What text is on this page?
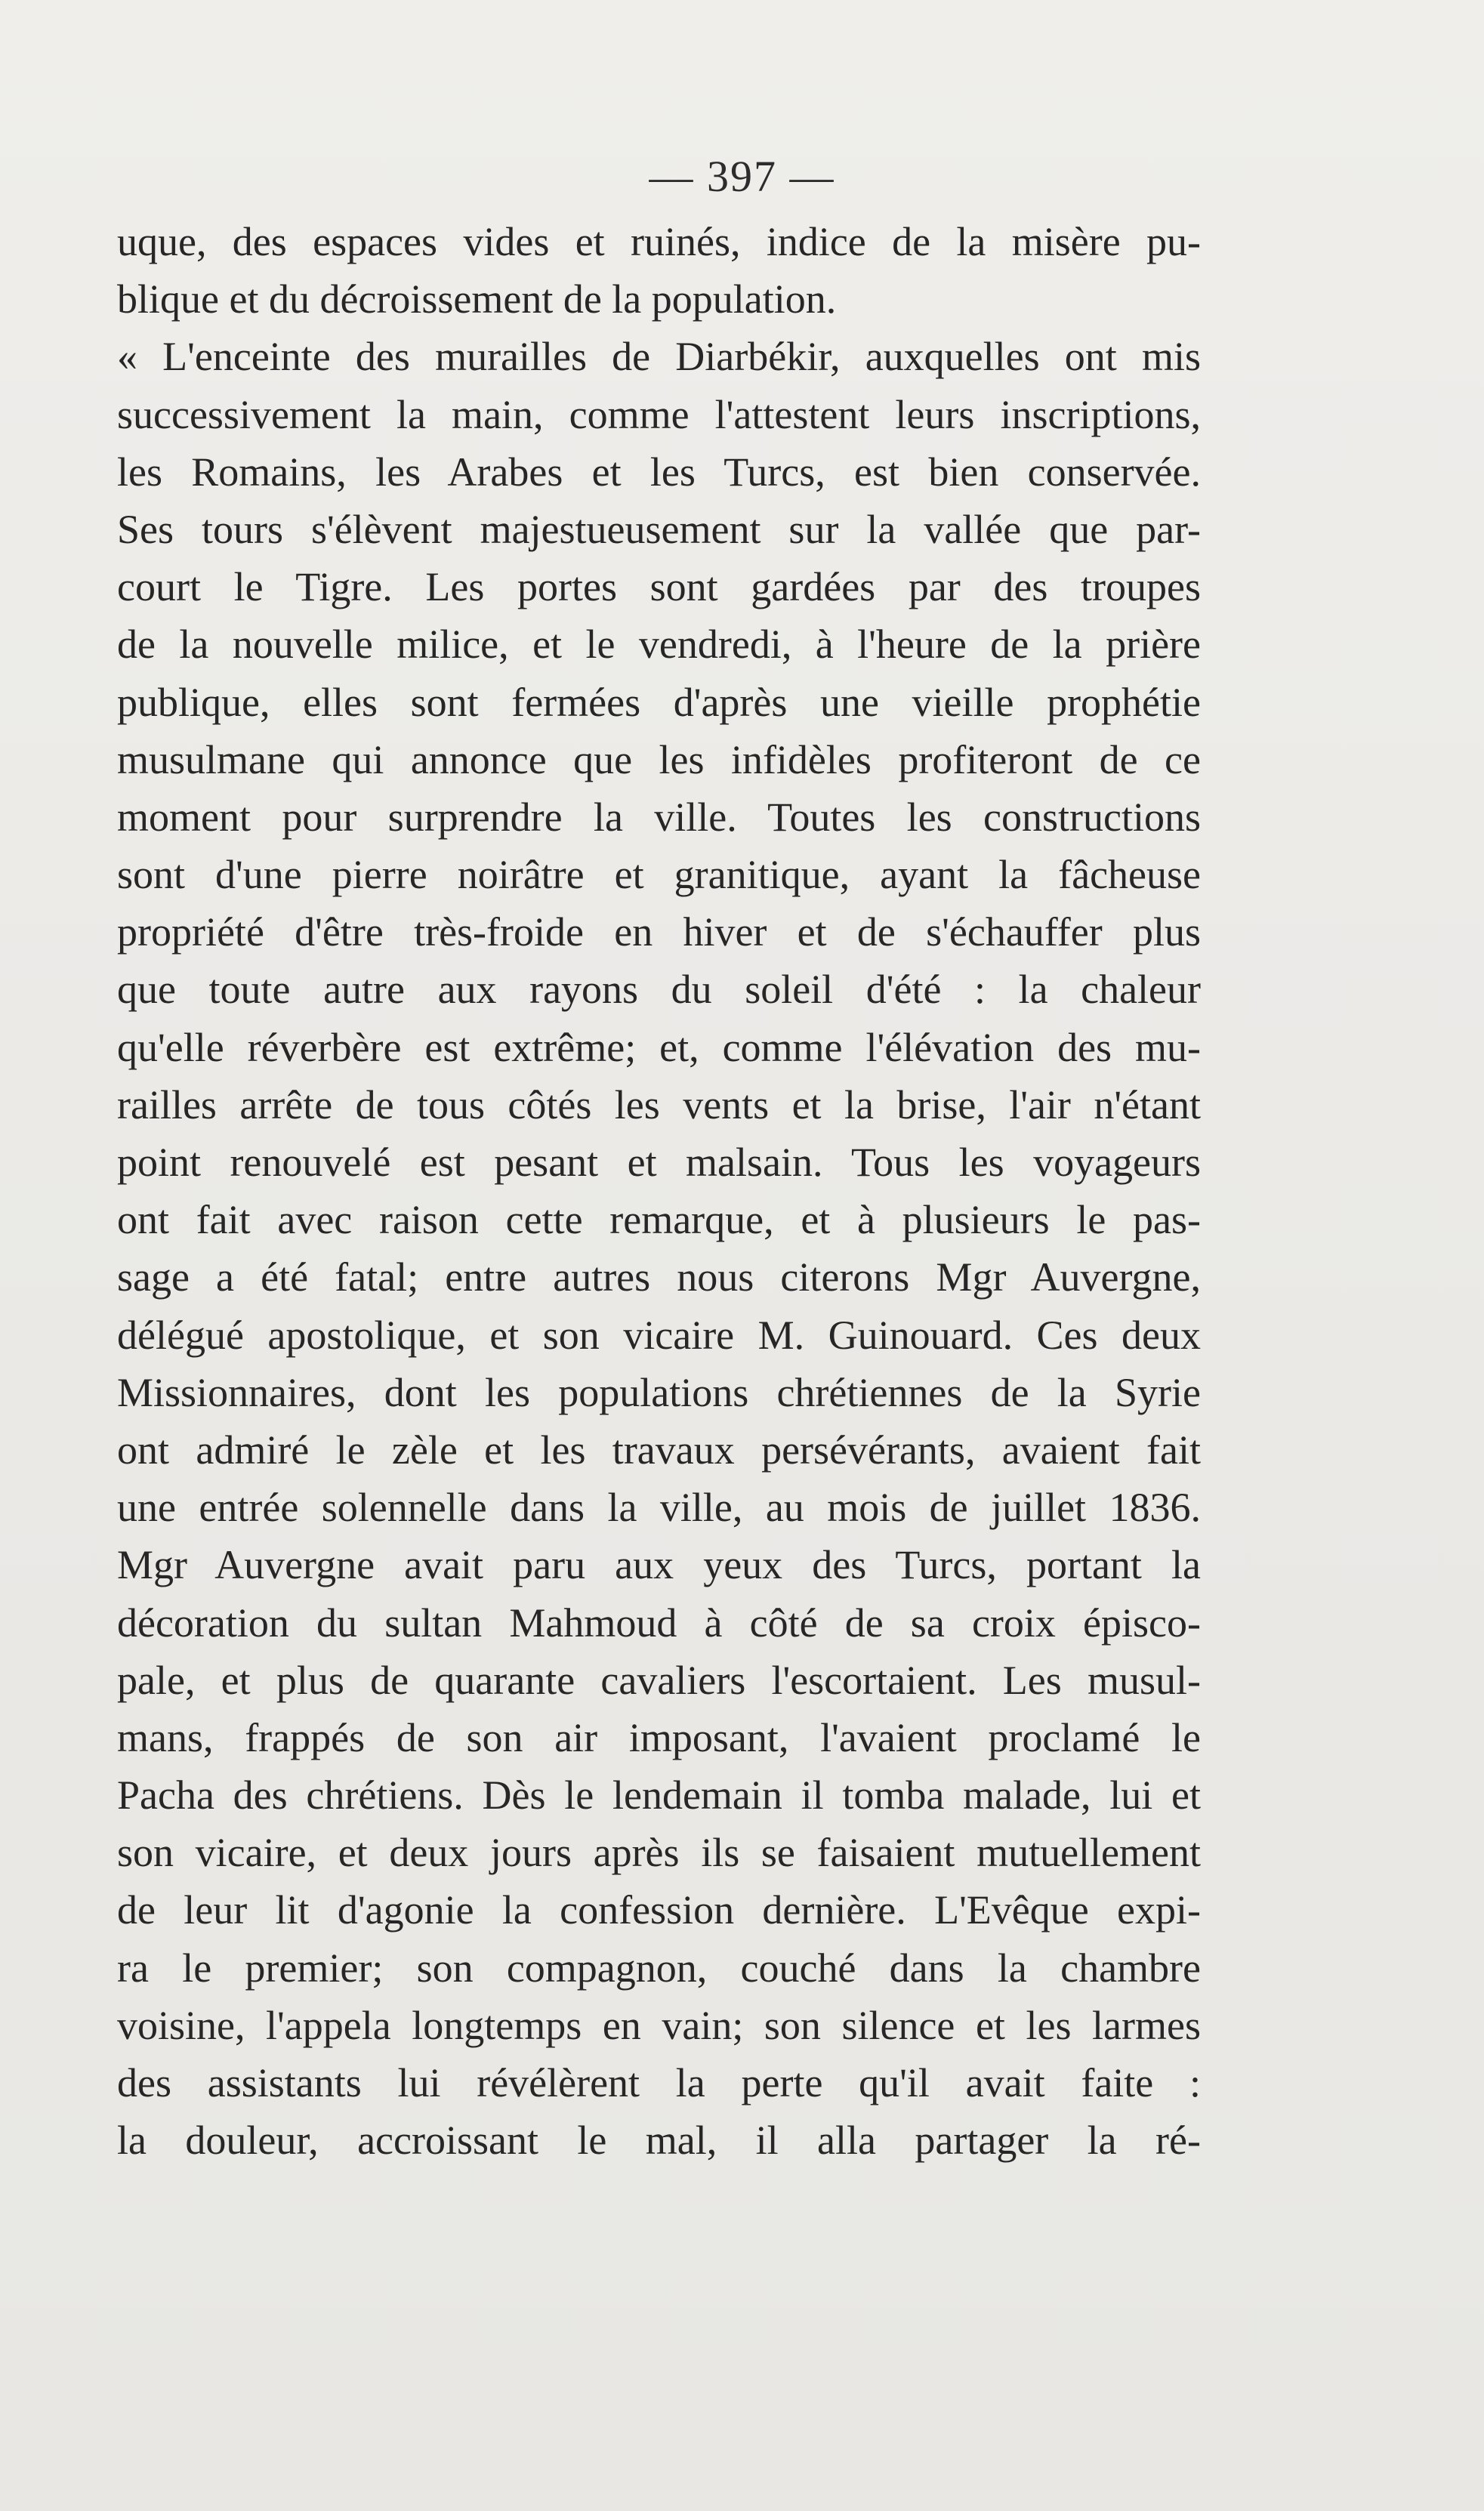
— 397 —
uque, des espaces vides et ruinés, indice de la misère pu-
blique et du décroissement de la population.
« L'enceinte des murailles de Diarbékir, auxquelles ont mis
successivement la main, comme l'attestent leurs inscriptions,
les Romains, les Arabes et les Turcs, est bien conservée.
Ses tours s'élèvent majestueusement sur la vallée que par-
court le Tigre. Les portes sont gardées par des troupes
de la nouvelle milice, et le vendredi, à l'heure de la prière
publique, elles sont fermées d'après une vieille prophétie
musulmane qui annonce que les infidèles profiteront de ce
moment pour surprendre la ville. Toutes les constructions
sont d'une pierre noirâtre et granitique, ayant la fâcheuse
propriété d'être très-froide en hiver et de s'échauffer plus
que toute autre aux rayons du soleil d'été : la chaleur
qu'elle réverbère est extrême; et, comme l'élévation des mu-
railles arrête de tous côtés les vents et la brise, l'air n'étant
point renouvelé est pesant et malsain. Tous les voyageurs
ont fait avec raison cette remarque, et à plusieurs le pas-
sage a été fatal; entre autres nous citerons Mgr Auvergne,
délégué apostolique, et son vicaire M. Guinouard. Ces deux
Missionnaires, dont les populations chrétiennes de la Syrie
ont admiré le zèle et les travaux persévérants, avaient fait
une entrée solennelle dans la ville, au mois de juillet 1836.
Mgr Auvergne avait paru aux yeux des Turcs, portant la
décoration du sultan Mahmoud à côté de sa croix épisco-
pale, et plus de quarante cavaliers l'escortaient. Les musul-
mans, frappés de son air imposant, l'avaient proclamé le
Pacha des chrétiens. Dès le lendemain il tomba malade, lui et
son vicaire, et deux jours après ils se faisaient mutuellement
de leur lit d'agonie la confession dernière. L'Evêque expi-
ra le premier; son compagnon, couché dans la chambre
voisine, l'appela longtemps en vain; son silence et les larmes
des assistants lui révélèrent la perte qu'il avait faite :
la douleur, accroissant le mal, il alla partager la ré-
